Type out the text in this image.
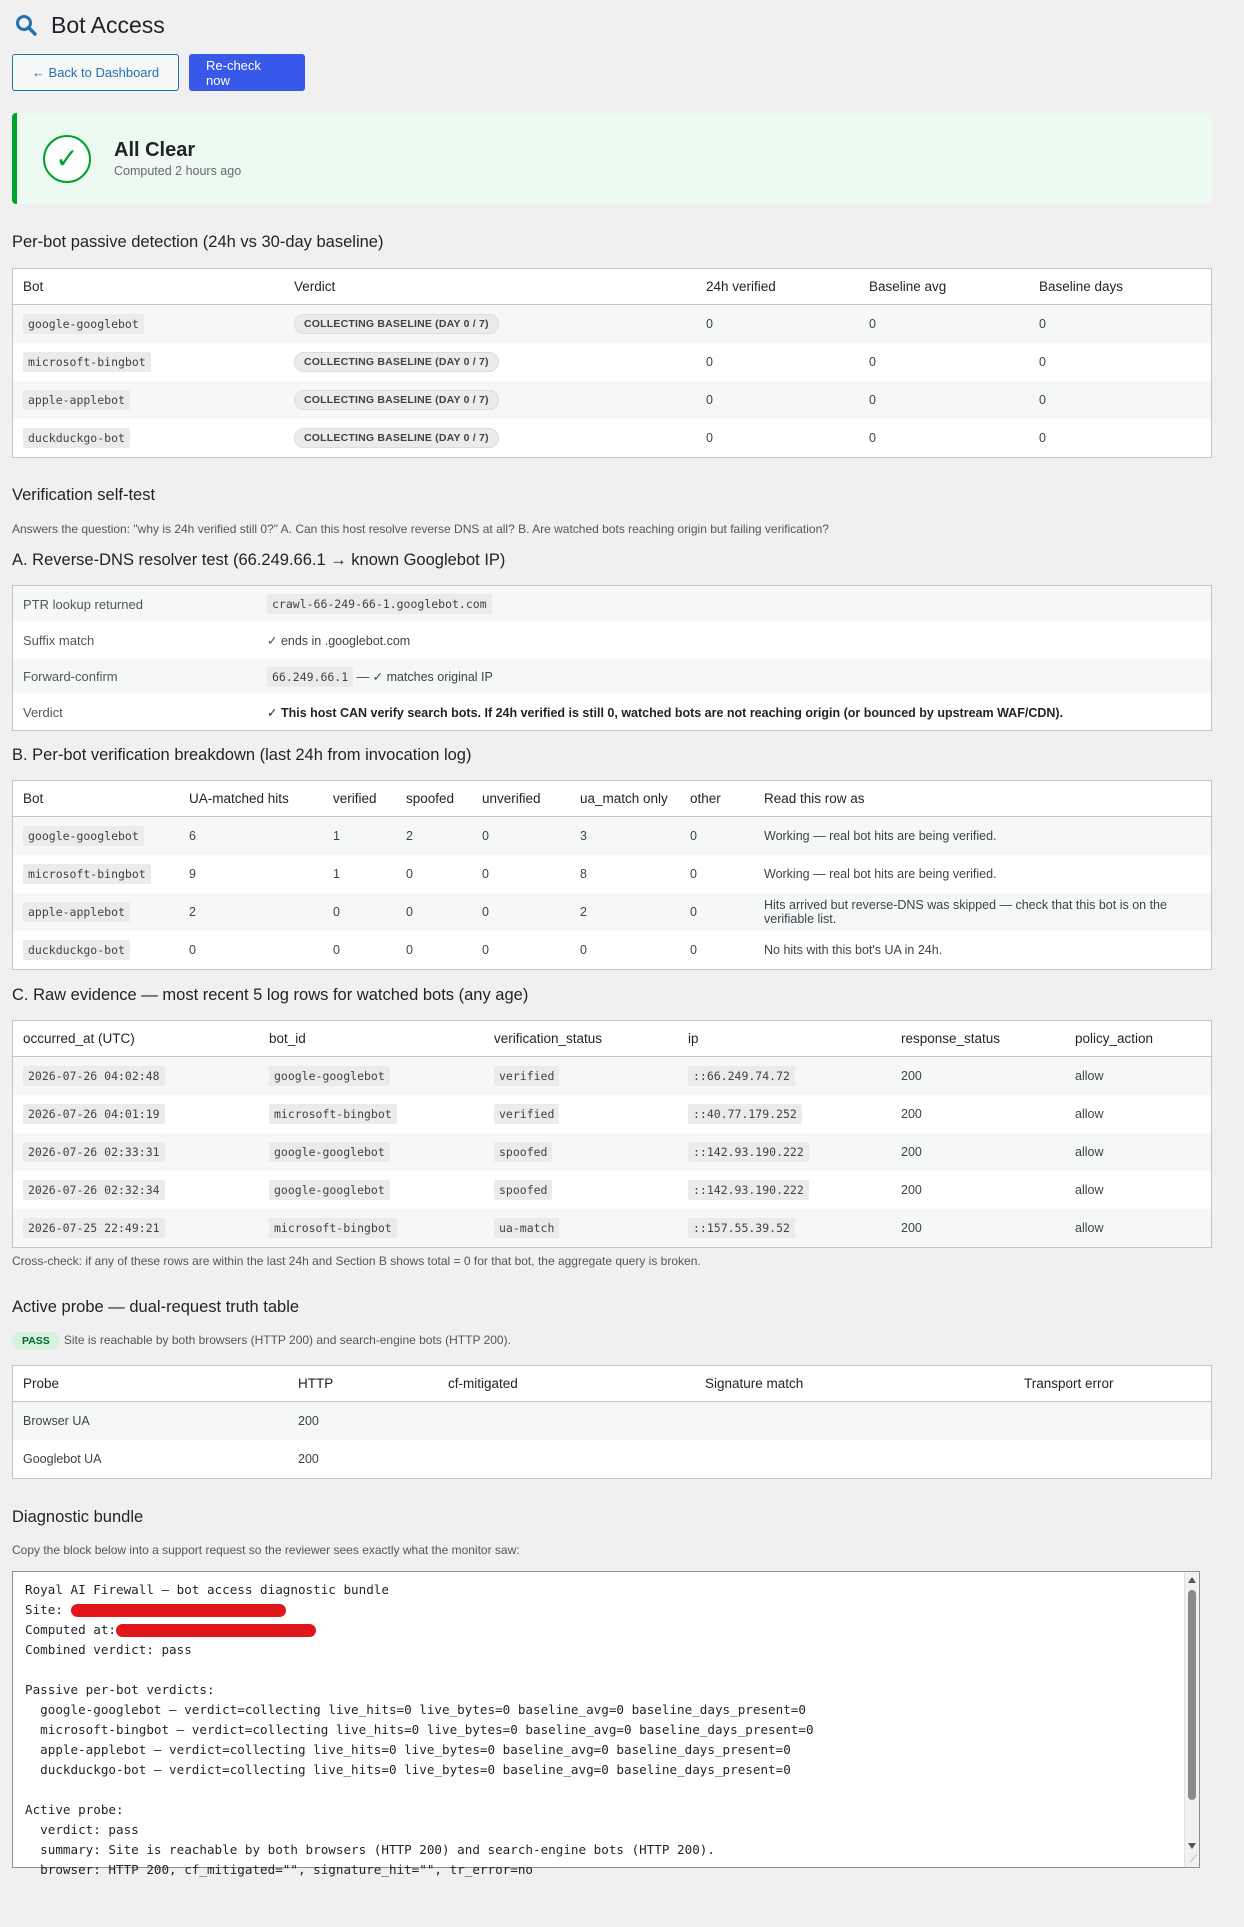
Bot Access
← Back to Dashboard	Re-check now
✓	All Clear
Computed 2 hours ago
Per-bot passive detection (24h vs 30-day baseline)
Bot	Verdict	24h verified	Baseline avg	Baseline days
google-googlebot	COLLECTING BASELINE (DAY 0 / 7)	0	0	0
microsoft-bingbot	COLLECTING BASELINE (DAY 0 / 7)	0	0	0
apple-applebot	COLLECTING BASELINE (DAY 0 / 7)	0	0	0
duckduckgo-bot	COLLECTING BASELINE (DAY 0 / 7)	0	0	0
Verification self-test
Answers the question: "why is 24h verified still 0?" A. Can this host resolve reverse DNS at all? B. Are watched bots reaching origin but failing verification?
A. Reverse-DNS resolver test (66.249.66.1 → known Googlebot IP)
PTR lookup returned	crawl-66-249-66-1.googlebot.com
Suffix match	✓ ends in .googlebot.com
Forward-confirm	66.249.66.1 — ✓ matches original IP
Verdict	✓ This host CAN verify search bots. If 24h verified is still 0, watched bots are not reaching origin (or bounced by upstream WAF/CDN).
B. Per-bot verification breakdown (last 24h from invocation log)
Bot	UA-matched hits	verified	spoofed	unverified	ua_match only	other	Read this row as
google-googlebot	6	1	2	0	3	0	Working — real bot hits are being verified.
microsoft-bingbot	9	1	0	0	8	0	Working — real bot hits are being verified.
apple-applebot	2	0	0	0	2	0	Hits arrived but reverse-DNS was skipped — check that this bot is on the verifiable list.
duckduckgo-bot	0	0	0	0	0	0	No hits with this bot's UA in 24h.
C. Raw evidence — most recent 5 log rows for watched bots (any age)
occurred_at (UTC)	bot_id	verification_status	ip	response_status	policy_action
2026-07-26 04:02:48	google-googlebot	verified	::66.249.74.72	200	allow
2026-07-26 04:01:19	microsoft-bingbot	verified	::40.77.179.252	200	allow
2026-07-26 02:33:31	google-googlebot	spoofed	::142.93.190.222	200	allow
2026-07-26 02:32:34	google-googlebot	spoofed	::142.93.190.222	200	allow
2026-07-25 22:49:21	microsoft-bingbot	ua-match	::157.55.39.52	200	allow
Cross-check: if any of these rows are within the last 24h and Section B shows total = 0 for that bot, the aggregate query is broken.
Active probe — dual-request truth table
PASS Site is reachable by both browsers (HTTP 200) and search-engine bots (HTTP 200).
Probe	HTTP	cf-mitigated	Signature match	Transport error
Browser UA	200			
Googlebot UA	200			
Diagnostic bundle
Copy the block below into a support request so the reviewer sees exactly what the monitor saw:
Royal AI Firewall — bot access diagnostic bundle
Site:
Computed at:
Combined verdict: pass

Passive per-bot verdicts:
google-googlebot — verdict=collecting live_hits=0 live_bytes=0 baseline_avg=0 baseline_days_present=0
microsoft-bingbot — verdict=collecting live_hits=0 live_bytes=0 baseline_avg=0 baseline_days_present=0
apple-applebot — verdict=collecting live_hits=0 live_bytes=0 baseline_avg=0 baseline_days_present=0
duckduckgo-bot — verdict=collecting live_hits=0 live_bytes=0 baseline_avg=0 baseline_days_present=0

Active probe:
verdict: pass
summary: Site is reachable by both browsers (HTTP 200) and search-engine bots (HTTP 200).
browser: HTTP 200, cf_mitigated="", signature_hit="", tr_error=no
⟋
